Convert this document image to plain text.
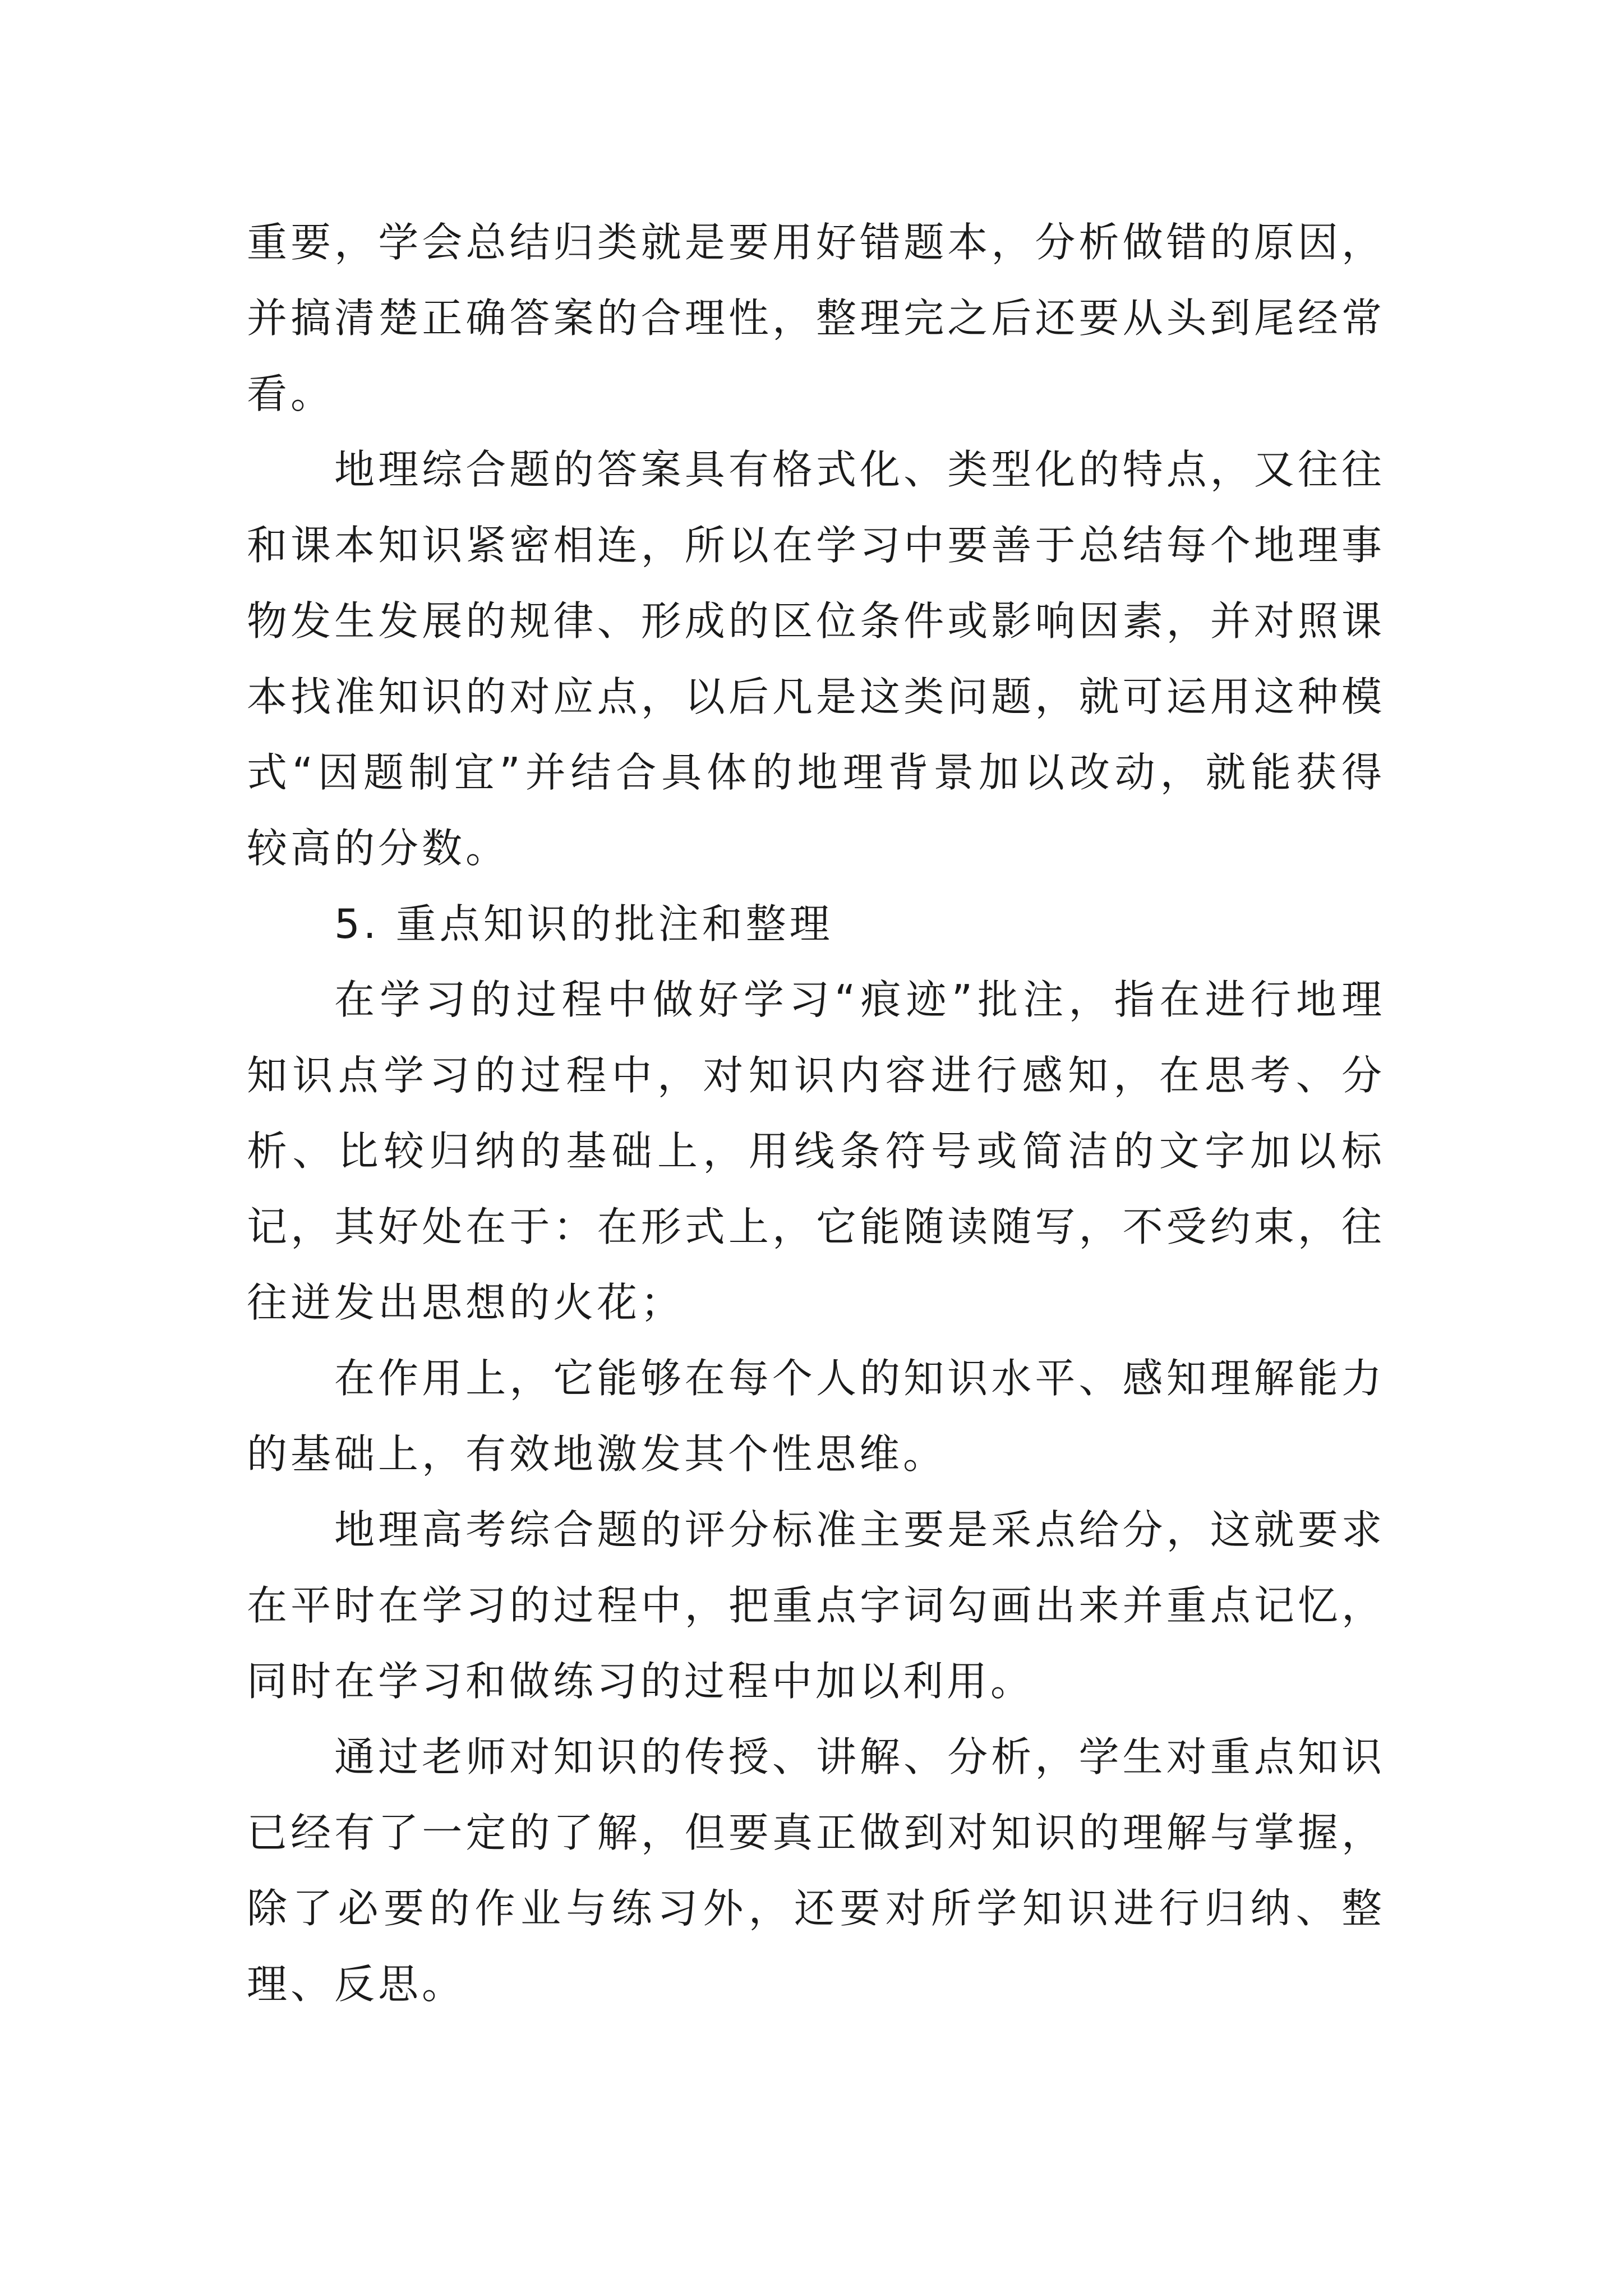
重要，学会总结归类就是要用好错题本，分析做错的原因，并搞清楚正确答案的合理性，整理完之后还要从头到尾经常看。

地理综合题的答案具有格式化、类型化的特点，又往往和课本知识紧密相连，所以在学习中要善于总结每个地理事物发生发展的规律、形成的区位条件或影响因素，并对照课本找准知识的对应点，以后凡是这类问题，就可运用这种模式“因题制宜”并结合具体的地理背景加以改动，就能获得较高的分数。

5. 重点知识的批注和整理

在学习的过程中做好学习“痕迹”批注，指在进行地理知识点学习的过程中，对知识内容进行感知，在思考、分析、比较归纳的基础上，用线条符号或简洁的文字加以标记，其好处在于：在形式上，它能随读随写，不受约束，往往迸发出思想的火花；

在作用上，它能够在每个人的知识水平、感知理解能力的基础上，有效地激发其个性思维。

地理高考综合题的评分标准主要是采点给分，这就要求在平时在学习的过程中，把重点字词勾画出来并重点记忆，同时在学习和做练习的过程中加以利用。

通过老师对知识的传授、讲解、分析，学生对重点知识已经有了一定的了解，但要真正做到对知识的理解与掌握，除了必要的作业与练习外，还要对所学知识进行归纳、整理、反思。
